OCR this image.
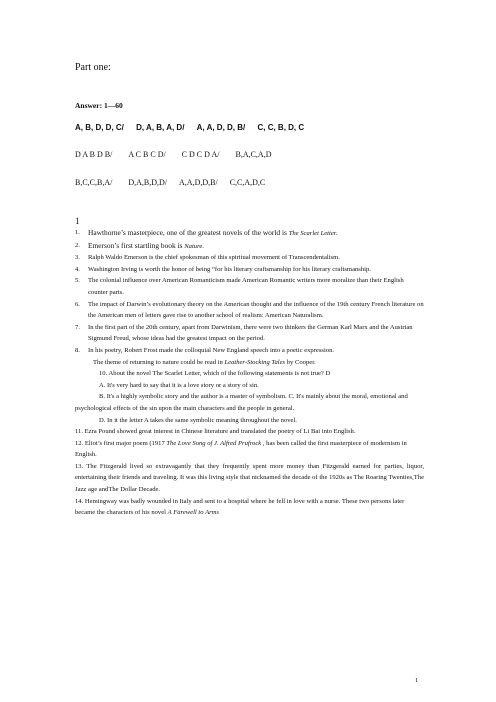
Part one:
Answer: 1—60
A, B, D, D, C/ D, A, B, A, D/ A, A, D, D, B/ C, C, B, D, C
D A B D B/ A C B C D/ C D C D A/ B,A,C,A,D
B,C,C,B,A/ D,A,B,D,D/ A,A,D,D,B/ C,C,A,D,C
1
1. Hawthorne’s masterpiece, one of the greatest novels of the world is The Scarlet Letter.
2. Emerson’s first startling book is Nature.
3. Ralph Waldo Emerson is the chief spokesman of this spiritual movement of Transcendentalism.
4. Washington Irving is worth the honor of being “for his literary craftsmanship for his literary craftsmanship.
5. The colonial influence over American Romanticism made American Romantic writers more moralize than their English counter parts.
6. The impact of Darwin’s evolutionary theory on the American thought and the influence of the 19th century French literature on the American men of letters gave rise to another school of realism: American Naturalism.
7. In the first part of the 20th century, apart from Darwinism, there were two thinkers the German Karl Marx and the Austrian Sigmund Freud, whose ideas had the greatest impact on the period.
8. In his poetry, Robert Frost made the colloquial New England speech into a poetic expression.
The theme of returning to nature could be read in Leather-Stocking Tales by Cooper.
10. About the novel The Scarlet Letter, which of the following statements is not true? D
A. It's very hard to say that it is a love story or a story of sin.
B. It's a highly symbolic story and the author is a master of symbolism. C. It's mainly about the moral, emotional and psychological effects of the sin upon the main characters and the people in general.
D. In it the letter A takes the same symbolic meaning throughout the novel.
11. Ezra Pound showed great interest in Chinese literature and translated the poetry of Li Bai into English.
12. Eliot’s first major poem (1917 The Love Song of J. Alfred Prufrock , has been called the first masterpiece of modernism in English.
13. The Fitzgerald lived so extravagantly that they frequently spent more money than Fitzgerald earned for parties, liquor, entertaining their friends and traveling. It was this living style that nicknamed the decade of the 1920s as The Roaring Twenties,The Jazz age andThe Dollar Decade.
14. Hemingway was badly wounded in Italy and sent to a hospital where he fell in love with a nurse. These two persons later became the characters of his novel A Farewell to Arms
1
